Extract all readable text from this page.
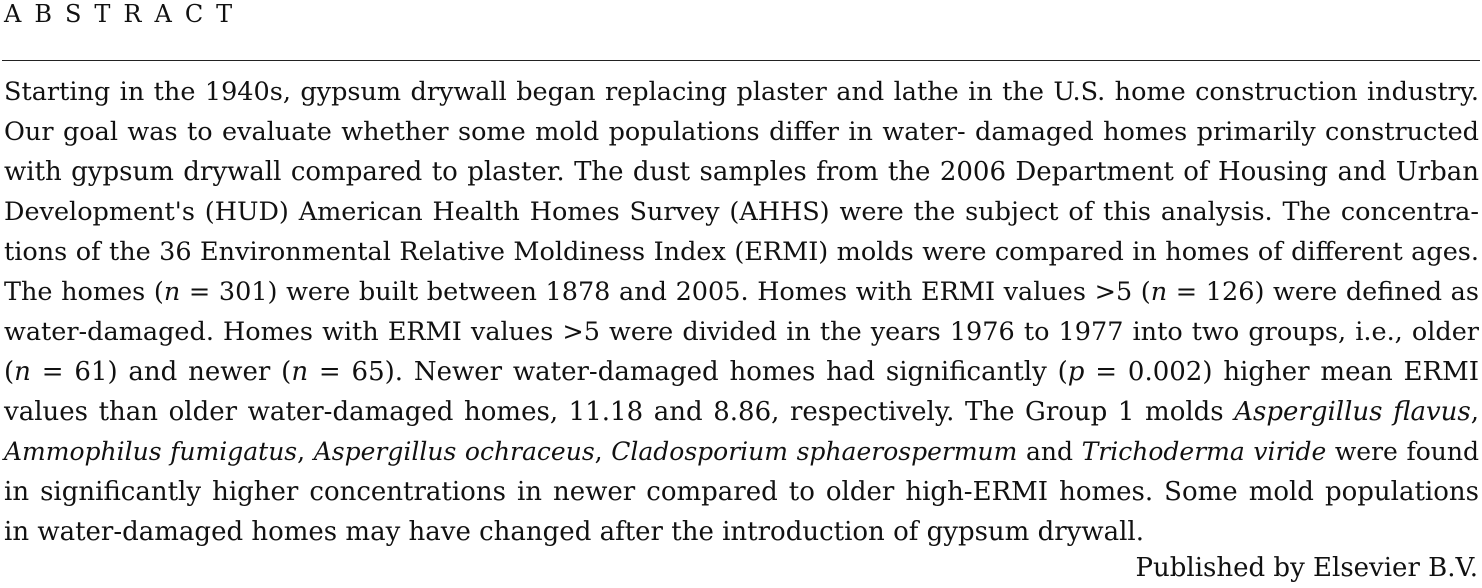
ABSTRACT
Starting in the 1940s, gypsum drywall began replacing plaster and lathe in the U.S. home construction industry.
Our goal was to evaluate whether some mold populations differ in water- damaged homes primarily constructed
with gypsum drywall compared to plaster. The dust samples from the 2006 Department of Housing and Urban
Development's (HUD) American Health Homes Survey (AHHS) were the subject of this analysis. The concentra-
tions of the 36 Environmental Relative Moldiness Index (ERMI) molds were compared in homes of different ages.
The homes (n = 301) were built between 1878 and 2005. Homes with ERMI values >5 (n = 126) were defined as
water-damaged. Homes with ERMI values >5 were divided in the years 1976 to 1977 into two groups, i.e., older
(n = 61) and newer (n = 65). Newer water-damaged homes had significantly (p = 0.002) higher mean ERMI
values than older water-damaged homes, 11.18 and 8.86, respectively. The Group 1 molds Aspergillus flavus,
Ammophilus fumigatus, Aspergillus ochraceus, Cladosporium sphaerospermum and Trichoderma viride were found
in significantly higher concentrations in newer compared to older high-ERMI homes. Some mold populations
in water-damaged homes may have changed after the introduction of gypsum drywall.
Published by Elsevier B.V.
